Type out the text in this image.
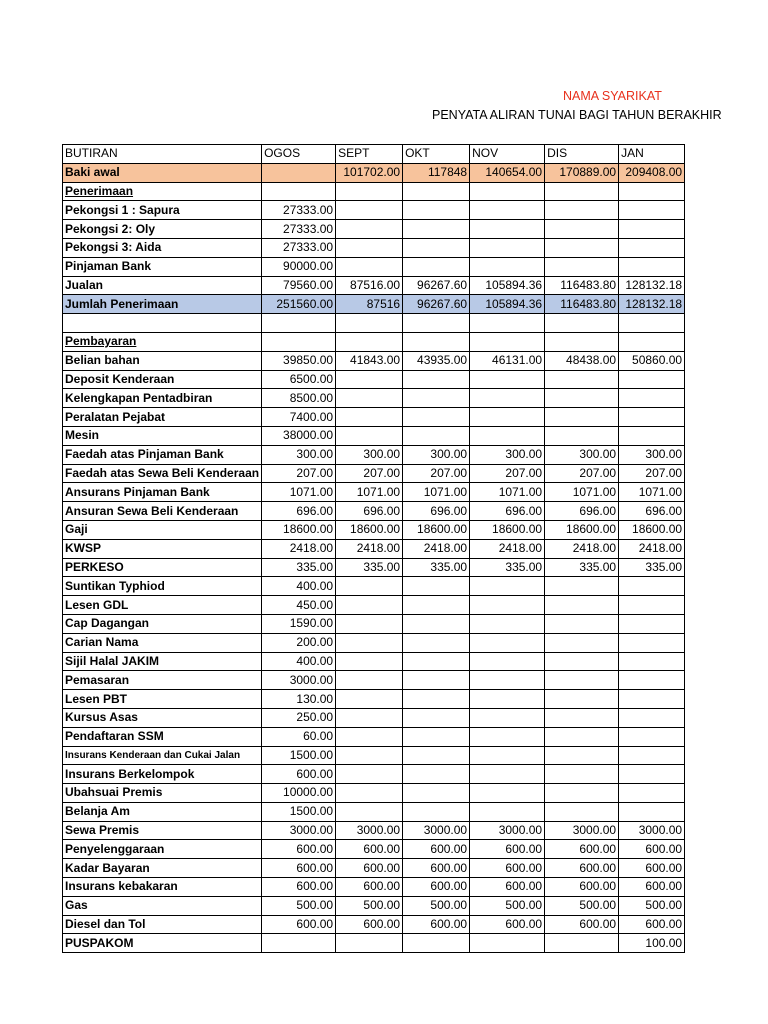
NAMA SYARIKAT
PENYATA ALIRAN TUNAI BAGI TAHUN BERAKHIR
BUTIRAN	OGOS	SEPT	OKT	NOV	DIS	JAN
Baki awal		101702.00	117848	140654.00	170889.00	209408.00
Penerimaan						
Pekongsi 1 : Sapura	27333.00					
Pekongsi 2: Oly	27333.00					
Pekongsi 3: Aida	27333.00					
Pinjaman Bank	90000.00					
Jualan	79560.00	87516.00	96267.60	105894.36	116483.80	128132.18
Jumlah Penerimaan	251560.00	87516	96267.60	105894.36	116483.80	128132.18

Pembayaran						
Belian bahan	39850.00	41843.00	43935.00	46131.00	48438.00	50860.00
Deposit Kenderaan	6500.00					
Kelengkapan Pentadbiran	8500.00					
Peralatan Pejabat	7400.00					
Mesin	38000.00					
Faedah atas Pinjaman Bank	300.00	300.00	300.00	300.00	300.00	300.00
Faedah atas Sewa Beli Kenderaan	207.00	207.00	207.00	207.00	207.00	207.00
Ansurans Pinjaman Bank	1071.00	1071.00	1071.00	1071.00	1071.00	1071.00
Ansuran Sewa Beli Kenderaan	696.00	696.00	696.00	696.00	696.00	696.00
Gaji	18600.00	18600.00	18600.00	18600.00	18600.00	18600.00
KWSP	2418.00	2418.00	2418.00	2418.00	2418.00	2418.00
PERKESO	335.00	335.00	335.00	335.00	335.00	335.00
Suntikan Typhiod	400.00					
Lesen GDL	450.00					
Cap Dagangan	1590.00					
Carian Nama	200.00					
Sijil Halal JAKIM	400.00					
Pemasaran	3000.00					
Lesen PBT	130.00					
Kursus Asas	250.00					
Pendaftaran SSM	60.00					
Insurans Kenderaan dan Cukai Jalan	1500.00					
Insurans Berkelompok	600.00					
Ubahsuai Premis	10000.00					
Belanja Am	1500.00					
Sewa Premis	3000.00	3000.00	3000.00	3000.00	3000.00	3000.00
Penyelenggaraan	600.00	600.00	600.00	600.00	600.00	600.00
Kadar Bayaran	600.00	600.00	600.00	600.00	600.00	600.00
Insurans kebakaran	600.00	600.00	600.00	600.00	600.00	600.00
Gas	500.00	500.00	500.00	500.00	500.00	500.00
Diesel dan Tol	600.00	600.00	600.00	600.00	600.00	600.00
PUSPAKOM						100.00
